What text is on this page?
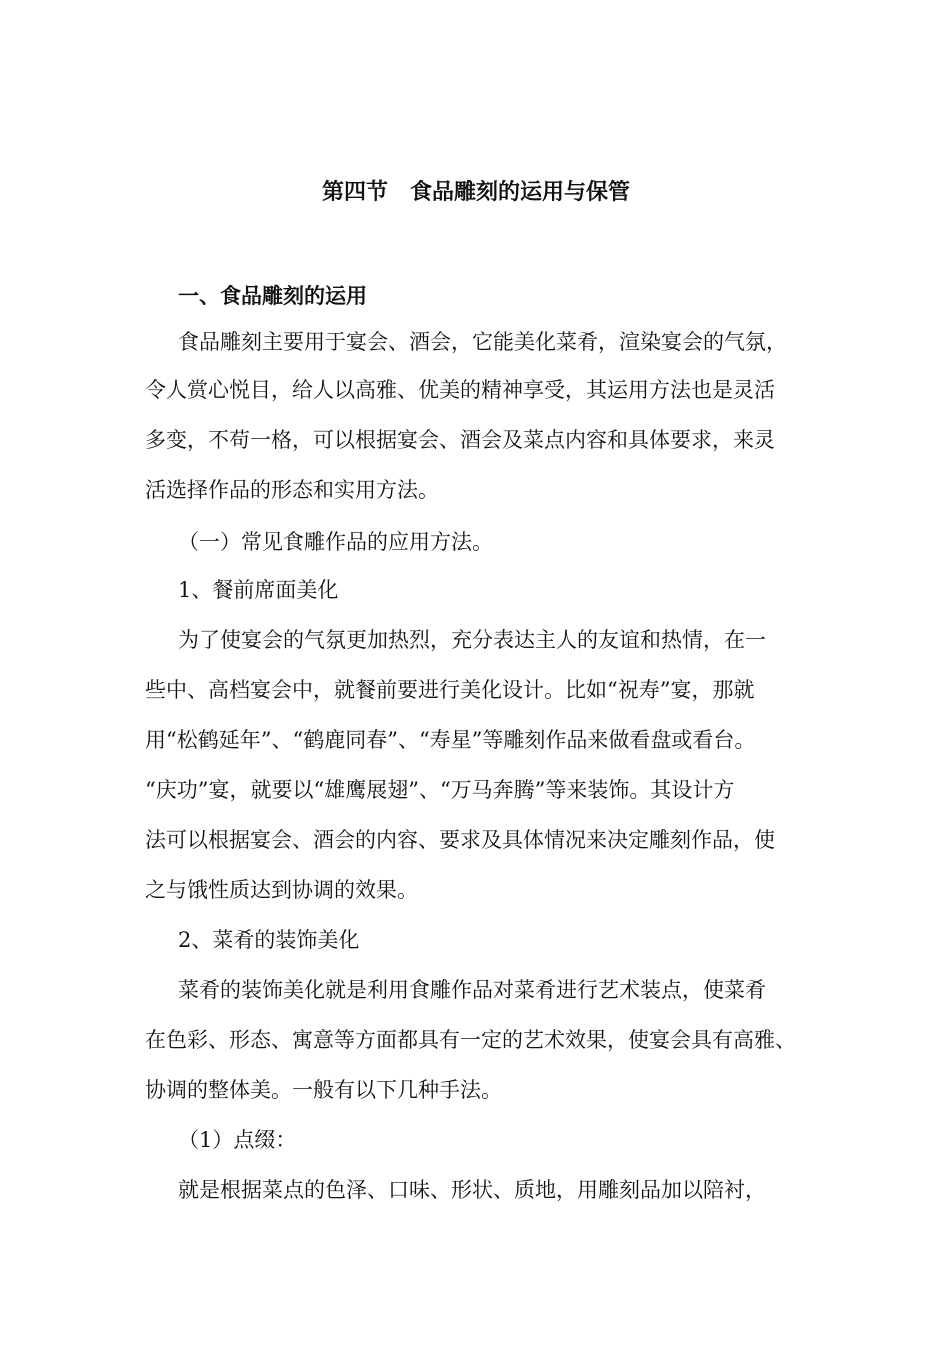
第四节　食品雕刻的运用与保管
一、食品雕刻的运用
食品雕刻主要用于宴会、酒会，它能美化菜肴，渲染宴会的气氛，
令人赏心悦目，给人以高雅、优美的精神享受，其运用方法也是灵活
多变，不苟一格，可以根据宴会、酒会及菜点内容和具体要求，来灵
活选择作品的形态和实用方法。
（一）常见食雕作品的应用方法。
1、餐前席面美化
为了使宴会的气氛更加热烈，充分表达主人的友谊和热情，在一
些中、高档宴会中，就餐前要进行美化设计。比如“祝寿”宴，那就
用“松鹤延年”、“鹤鹿同春”、“寿星”等雕刻作品来做看盘或看台。
“庆功”宴，就要以“雄鹰展翅”、“万马奔腾”等来装饰。其设计方
法可以根据宴会、酒会的内容、要求及具体情况来决定雕刻作品，使
之与饿性质达到协调的效果。
2、菜肴的装饰美化
菜肴的装饰美化就是利用食雕作品对菜肴进行艺术装点，使菜肴
在色彩、形态、寓意等方面都具有一定的艺术效果，使宴会具有高雅、
协调的整体美。一般有以下几种手法。
（1）点缀：
就是根据菜点的色泽、口味、形状、质地，用雕刻品加以陪衬，
